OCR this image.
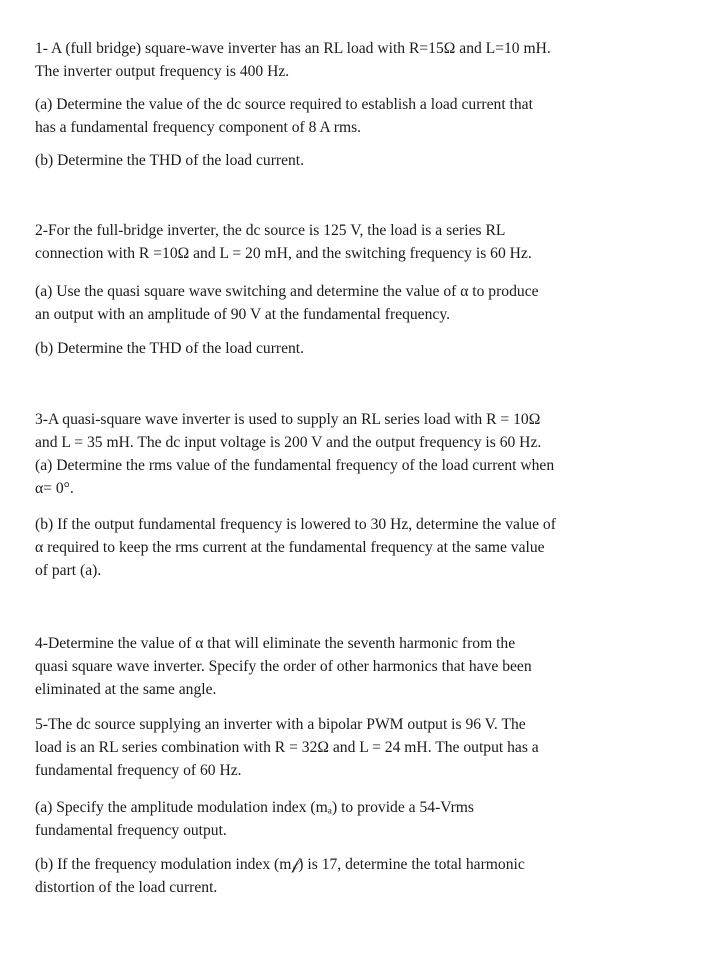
1- A (full bridge) square-wave inverter has an RL load with R=15Ω and L=10 mH.
The inverter output frequency is 400 Hz.
(a) Determine the value of the dc source required to establish a load current that
has a fundamental frequency component of 8 A rms.
(b) Determine the THD of the load current.
2-For the full-bridge inverter, the dc source is 125 V, the load is a series RL
connection with R =10Ω and L = 20 mH, and the switching frequency is 60 Hz.
(a) Use the quasi square wave switching and determine the value of α to produce
an output with an amplitude of 90 V at the fundamental frequency.
(b) Determine the THD of the load current.
3-A quasi-square wave inverter is used to supply an RL series load with R = 10Ω
and L = 35 mH. The dc input voltage is 200 V and the output frequency is 60 Hz.
(a) Determine the rms value of the fundamental frequency of the load current when
α= 0°.
(b) If the output fundamental frequency is lowered to 30 Hz, determine the value of
α required to keep the rms current at the fundamental frequency at the same value
of part (a).
4-Determine the value of α that will eliminate the seventh harmonic from the
quasi square wave inverter. Specify the order of other harmonics that have been
eliminated at the same angle.
5-The dc source supplying an inverter with a bipolar PWM output is 96 V. The
load is an RL series combination with R = 32Ω and L = 24 mH. The output has a
fundamental frequency of 60 Hz.
(a) Specify the amplitude modulation index (mₐ) to provide a 54-Vrms
fundamental frequency output.
(b) If the frequency modulation index (m𝒻) is 17, determine the total harmonic
distortion of the load current.
